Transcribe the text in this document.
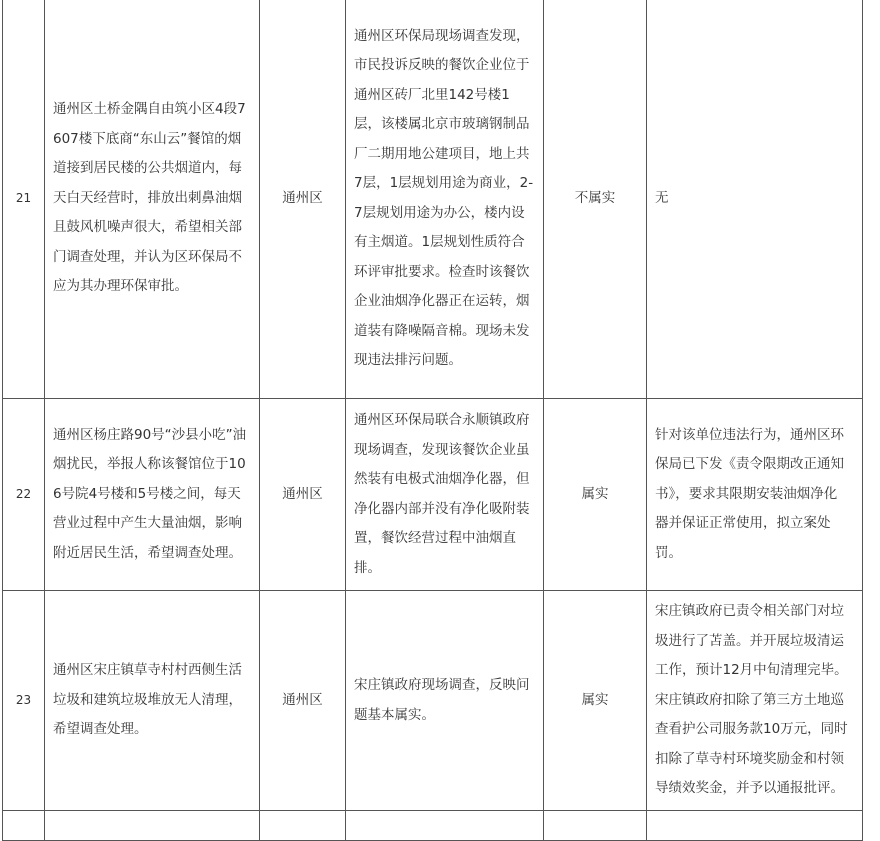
21	通州区土桥金隅自由筑小区4段7607楼下底商“东山云”餐馆的烟道接到居民楼的公共烟道内，每天白天经营时，排放出刺鼻油烟且鼓风机噪声很大，希望相关部门调查处理，并认为区环保局不应为其办理环保审批。	通州区	通州区环保局现场调查发现，市民投诉反映的餐饮企业位于通州区砖厂北里142号楼1层，该楼属北京市玻璃钢制品厂二期用地公建项目，地上共7层，1层规划用途为商业，2-7层规划用途为办公，楼内设有主烟道。1层规划性质符合环评审批要求。检查时该餐饮企业油烟净化器正在运转，烟道装有降噪隔音棉。现场未发现违法排污问题。	不属实	无

22	通州区杨庄路90号“沙县小吃”油烟扰民，举报人称该餐馆位于106号院4号楼和5号楼之间，每天营业过程中产生大量油烟，影响附近居民生活，希望调查处理。	通州区	通州区环保局联合永顺镇政府现场调查，发现该餐饮企业虽然装有电极式油烟净化器，但净化器内部并没有净化吸附装置，餐饮经营过程中油烟直排。	属实	针对该单位违法行为，通州区环保局已下发《责令限期改正通知书》，要求其限期安装油烟净化器并保证正常使用，拟立案处罚。

23	通州区宋庄镇草寺村村西侧生活垃圾和建筑垃圾堆放无人清理，希望调查处理。	通州区	宋庄镇政府现场调查，反映问题基本属实。	属实	宋庄镇政府已责令相关部门对垃圾进行了苫盖。并开展垃圾清运工作，预计12月中旬清理完毕。宋庄镇政府扣除了第三方土地巡查看护公司服务款10万元，同时扣除了草寺村环境奖励金和村领导绩效奖金，并予以通报批评。
